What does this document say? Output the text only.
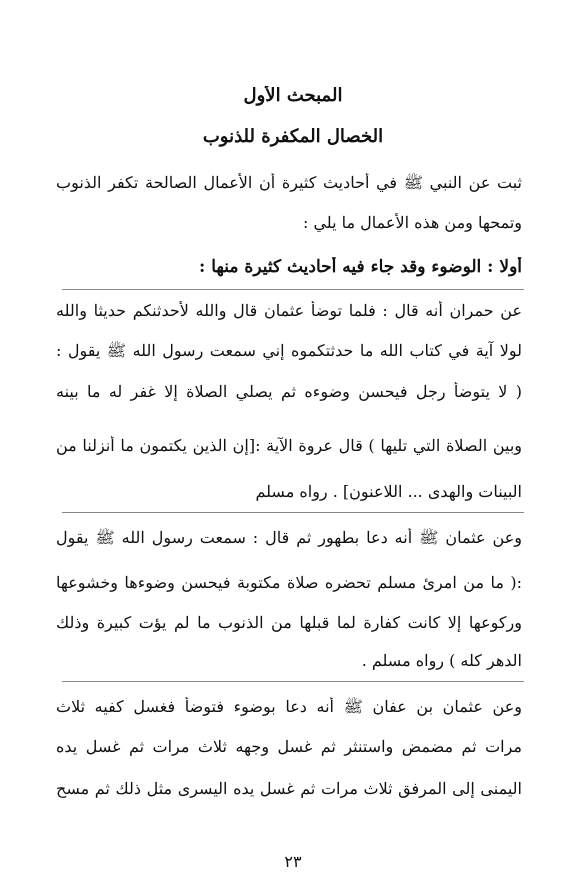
المبحث الأول
الخصال المكفرة للذنوب
ثبت عن النبي ﷺ في أحاديث كثيرة أن الأعمال الصالحة تكفر الذنوب
وتمحها ومن هذه الأعمال ما يلي :
أولا : الوضوء وقد جاء فيه أحاديث كثيرة منها :
عن حمران أنه قال : فلما توضأ عثمان قال والله لأحدثنكم حديثا والله
لولا آية في كتاب الله ما حدثتكموه إني سمعت رسول الله ﷺ يقول :
( لا يتوضأ رجل فيحسن وضوءه ثم يصلي الصلاة إلا غفر له ما بينه
وبين الصلاة التي تليها ) قال عروة الآية :[إن الذين يكتمون ما أنزلنا من
البينات والهدى ... اللاعنون] . رواه مسلم
وعن عثمان ﷺ أنه دعا بطهور ثم قال : سمعت رسول الله ﷺ يقول
:( ما من امرئ مسلم تحضره صلاة مكتوبة فيحسن وضوءها وخشوعها
وركوعها إلا كانت كفارة لما قبلها من الذنوب ما لم يؤت كبيرة وذلك
الدهر كله ) رواه مسلم .
وعن عثمان بن عفان ﷺ أنه دعا بوضوء فتوضأ فغسل كفيه ثلاث
مرات ثم مضمض واستنثر ثم غسل وجهه ثلاث مرات ثم غسل يده
اليمنى إلى المرفق ثلاث مرات ثم غسل يده اليسرى مثل ذلك ثم مسح
٢٣
